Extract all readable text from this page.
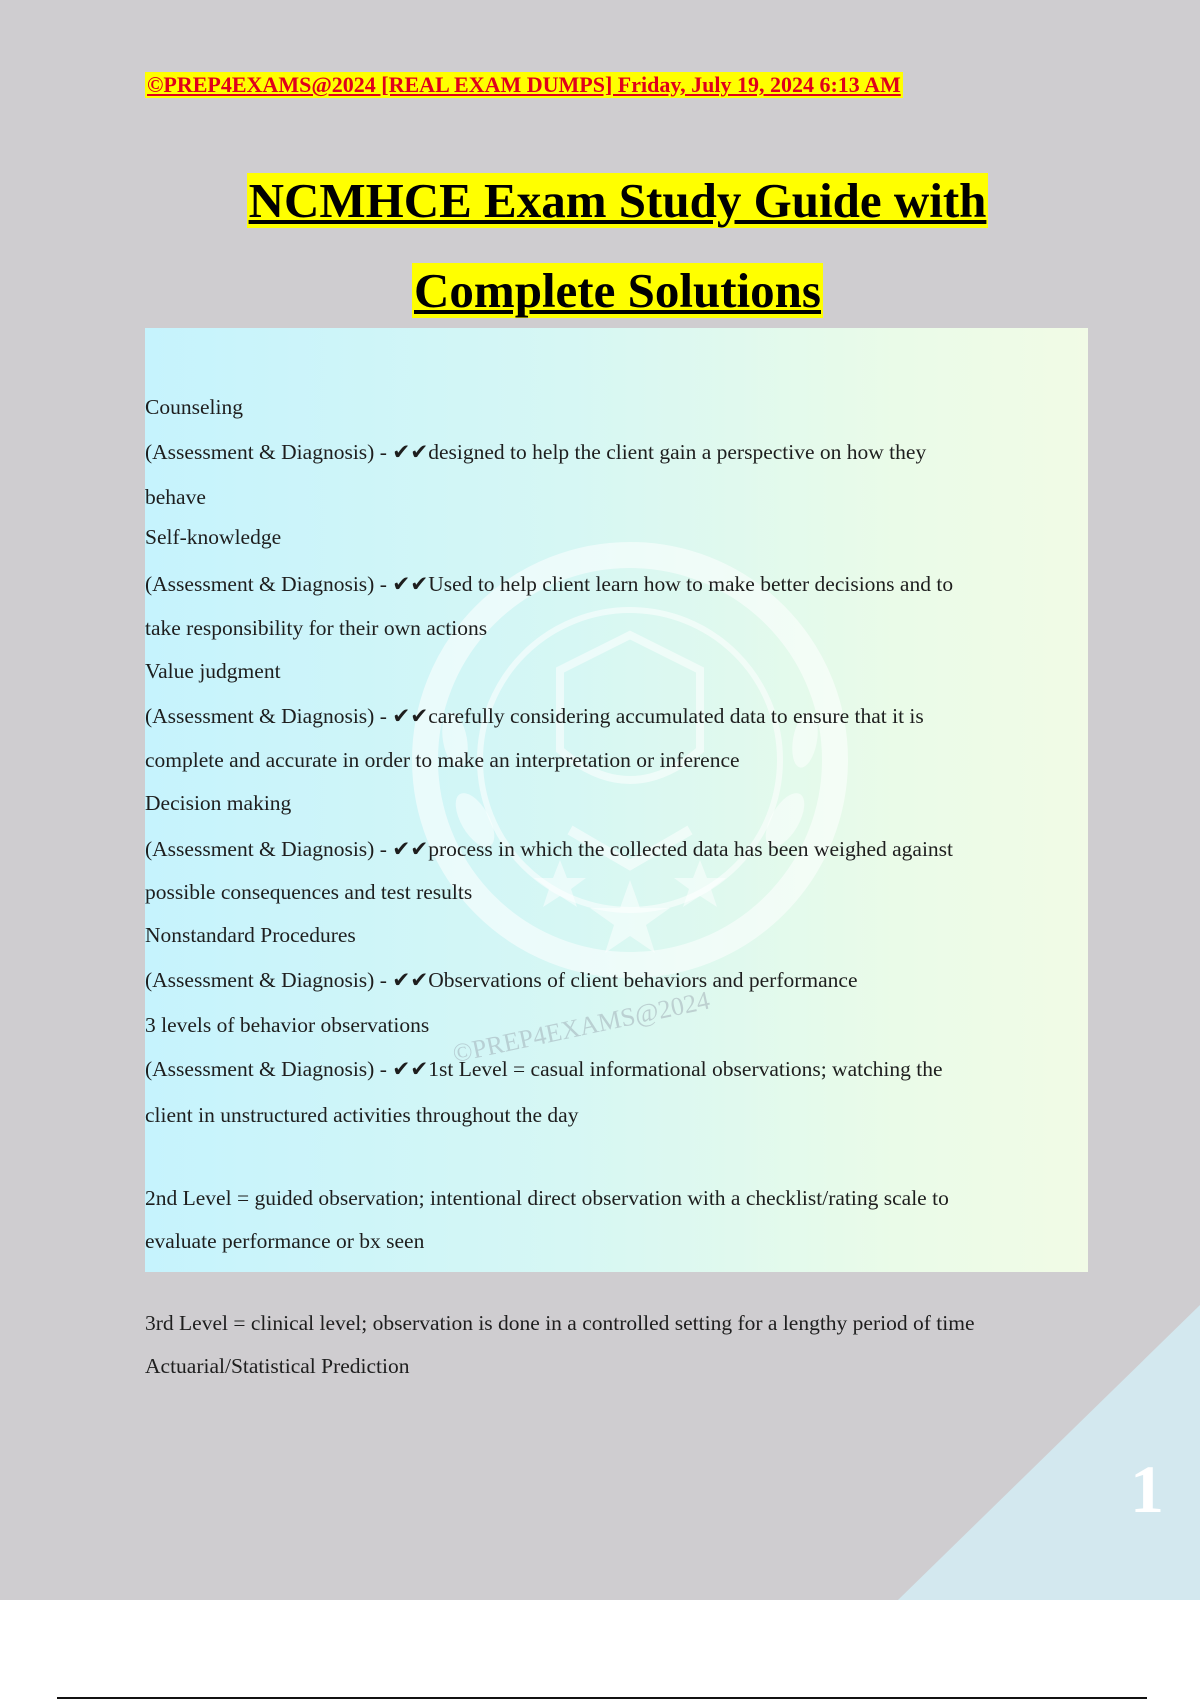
©PREP4EXAMS@2024 [REAL EXAM DUMPS] Friday, July 19, 2024 6:13 AM
NCMHCE Exam Study Guide with
Complete Solutions
©PREP4EXAMS@2024
Counseling
(Assessment & Diagnosis) - ✔✔designed to help the client gain a perspective on how they
behave
Self-knowledge
(Assessment & Diagnosis) - ✔✔Used to help client learn how to make better decisions and to
take responsibility for their own actions
Value judgment
(Assessment & Diagnosis) - ✔✔carefully considering accumulated data to ensure that it is
complete and accurate in order to make an interpretation or inference
Decision making
(Assessment & Diagnosis) - ✔✔process in which the collected data has been weighed against
possible consequences and test results
Nonstandard Procedures
(Assessment & Diagnosis) - ✔✔Observations of client behaviors and performance
3 levels of behavior observations
(Assessment & Diagnosis) - ✔✔1st Level = casual informational observations; watching the
client in unstructured activities throughout the day
2nd Level = guided observation; intentional direct observation with a checklist/rating scale to
evaluate performance or bx seen
3rd Level = clinical level; observation is done in a controlled setting for a lengthy period of time
Actuarial/Statistical Prediction
1
